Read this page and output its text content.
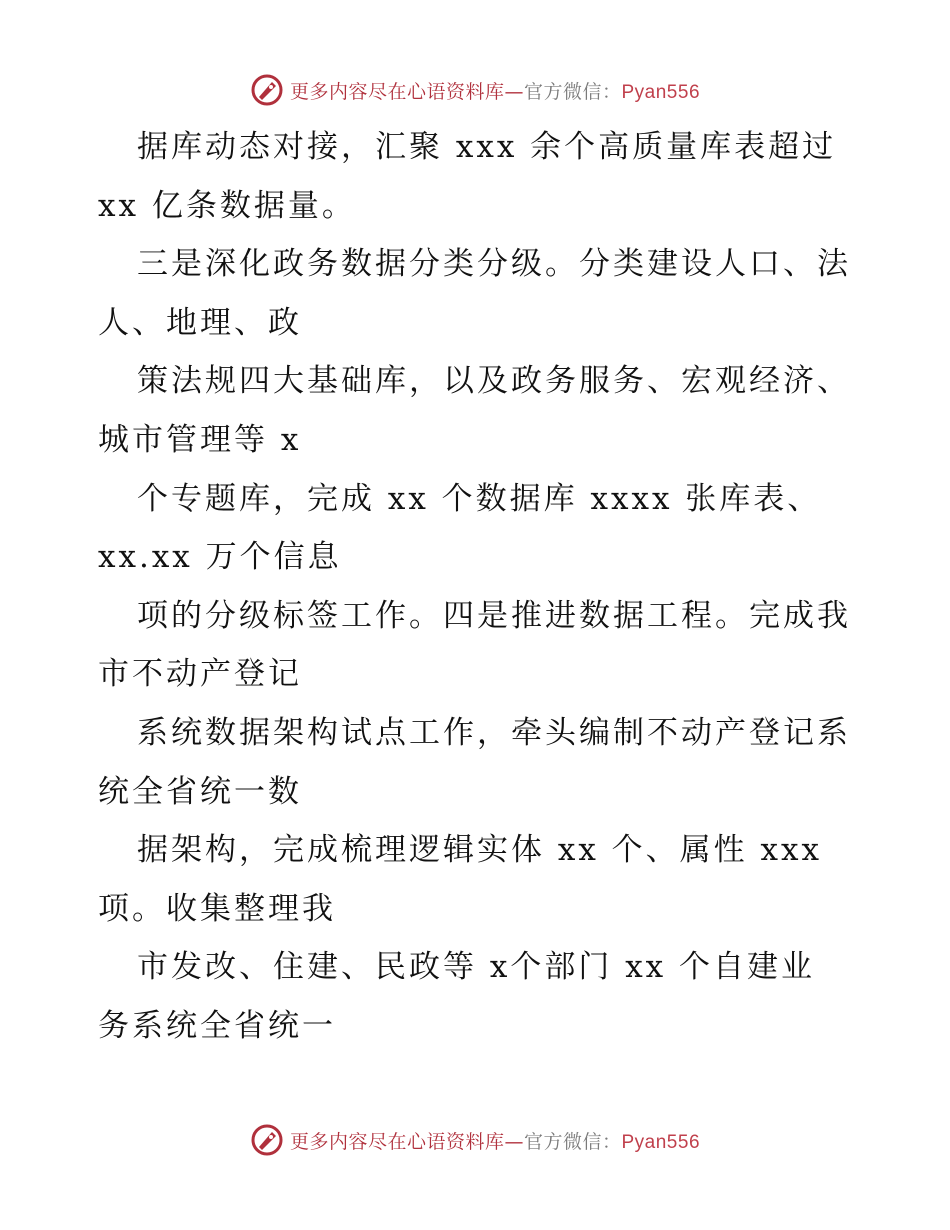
更多内容尽在心语资料库—官方微信：Pyan556
据库动态对接，汇聚 xxx 余个高质量库表超过
xx 亿条数据量。
三是深化政务数据分类分级。分类建设人口、法
人、地理、政
策法规四大基础库，以及政务服务、宏观经济、
城市管理等 x
个专题库，完成 xx 个数据库 xxxx 张库表、
xx.xx 万个信息
项的分级标签工作。四是推进数据工程。完成我
市不动产登记
系统数据架构试点工作，牵头编制不动产登记系
统全省统一数
据架构，完成梳理逻辑实体 xx 个、属性 xxx
项。收集整理我
市发改、住建、民政等 x个部门 xx 个自建业
务系统全省统一
更多内容尽在心语资料库—官方微信：Pyan556
